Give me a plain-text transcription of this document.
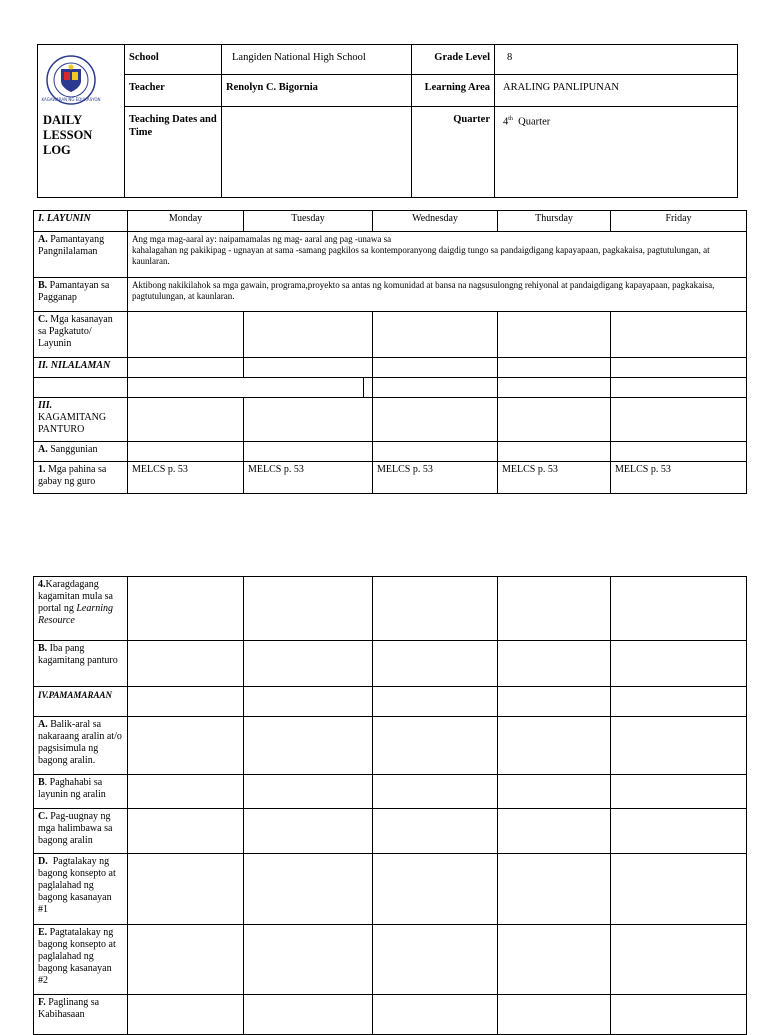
KAGAWARAN NG EDUKASYON
DAILY
LESSON
LOG	School	Langiden National High School	Grade Level	8
	Teacher	Renolyn C. Bigornia	Learning Area	ARALING PANLIPUNAN
	Teaching Dates and Time		Quarter	4th Quarter
I. LAYUNIN	Monday	Tuesday	Wednesday	Thursday	Friday
A. Pamantayang Pangnilalaman	Ang mga mag-aaral ay: naipamamalas ng mag- aaral ang pag -unawa sa
kahalagahan ng pakikipag - ugnayan at sama -samang pagkilos sa kontemporanyong daigdig tungo sa pandaigdigang kapayapaan, pagkakaisa, pagtutulungan, at kaunlaran.				

B. Pamantayan sa Pagganap	Aktibong nakikilahok sa mga gawain, programa,proyekto sa antas ng komunidad at bansa na nagsusulongng rehiyonal at pandaigdigang kapayapaan, pagkakaisa, pagtutulungan, at kaunlaran.				
C. Mga kasanayan sa Pagkatuto/ Layunin					
II. NILALAMAN					

III.
KAGAMITANG PANTURO					
A. Sanggunian					
1. Mga pahina sa gabay ng guro	MELCS p. 53	MELCS p. 53	MELCS p. 53	MELCS p. 53	MELCS p. 53
4.Karagdagang kagamitan mula sa portal ng Learning Resource					
B. Iba pang kagamitang panturo					
IV.PAMAMARAAN					
A. Balik-aral sa nakaraang aralin at/o pagsisimula ng bagong aralin.					
B. Paghahabi sa layunin ng aralin					
C. Pag-uugnay ng mga halimbawa sa bagong aralin					
D. Pagtalakay ng bagong konsepto at paglalahad ng bagong kasanayan #1					
E. Pagtatalakay ng bagong konsepto at paglalahad ng bagong kasanayan #2					
F. Paglinang sa Kabihasaan					
